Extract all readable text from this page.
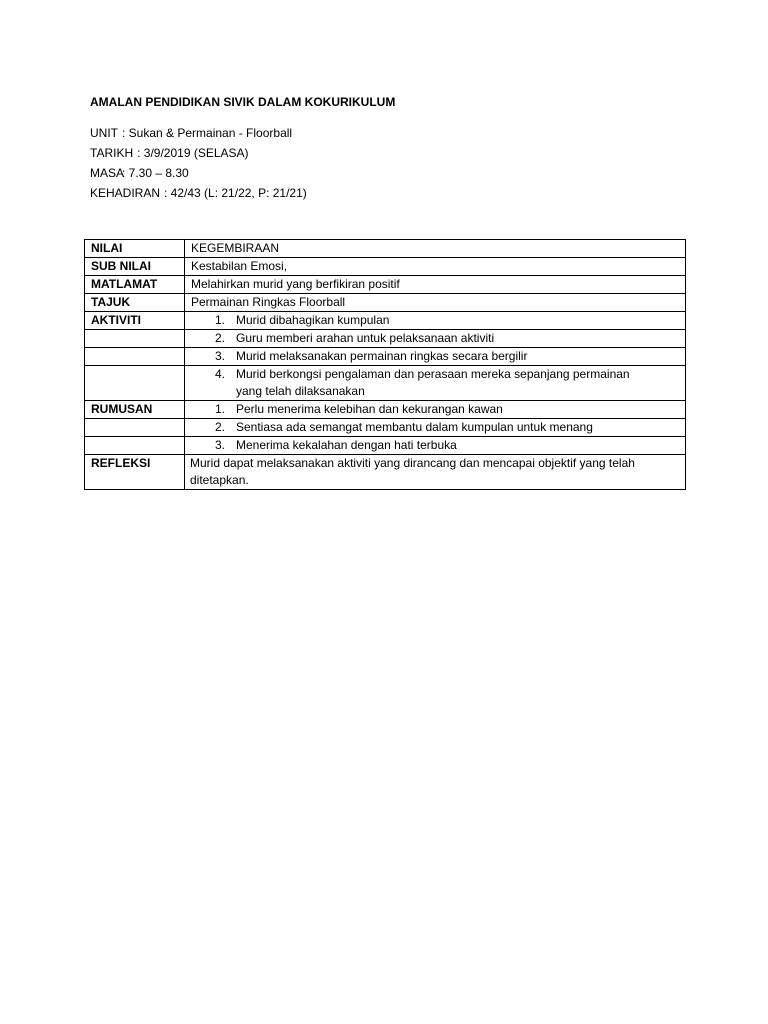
AMALAN PENDIDIKAN SIVIK DALAM KOKURIKULUM
UNIT : Sukan & Permainan - Floorball
TARIKH : 3/9/2019 (SELASA)
MASA: 7.30 – 8.30
KEHADIRAN : 42/43 (L: 21/22, P: 21/21)
NILAI	KEGEMBIRAAN
SUB NILAI	Kestabilan Emosi,
MATLAMAT	Melahirkan murid yang berfikiran positif
TAJUK	Permainan Ringkas Floorball
AKTIVITI	1. Murid dibahagikan kumpulan

	2. Guru memberi arahan untuk pelaksanaan aktiviti

	3. Murid melaksanakan permainan ringkas secara bergilir

	4. Murid berkongsi pengalaman dan perasaan mereka sepanjang permainan
yang telah dilaksanakan

RUMUSAN	1. Perlu menerima kelebihan dan kekurangan kawan

	2. Sentiasa ada semangat membantu dalam kumpulan untuk menang

	3. Menerima kekalahan dengan hati terbuka

REFLEKSI	Murid dapat melaksanakan aktiviti yang dirancang dan mencapai objektif yang telah
ditetapkan.
